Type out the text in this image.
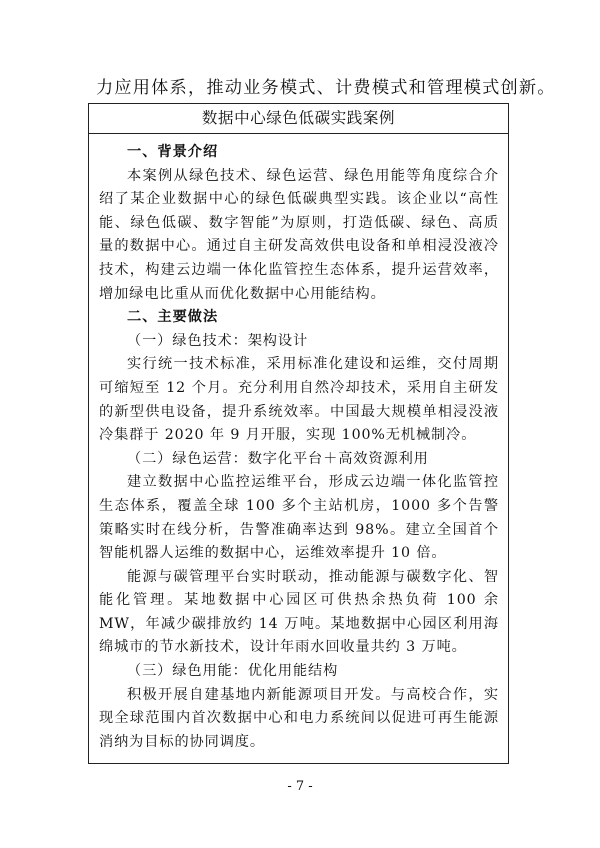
力应用体系，推动业务模式、计费模式和管理模式创新。
数据中心绿色低碳实践案例

一、背景介绍

本案例从绿色技术、绿色运营、绿色用能等角度综合介绍了某企业数据中心的绿色低碳典型实践。该企业以“高性能、绿色低碳、数字智能”为原则，打造低碳、绿色、高质量的数据中心。通过自主研发高效供电设备和单相浸没液冷技术，构建云边端一体化监管控生态体系，提升运营效率，增加绿电比重从而优化数据中心用能结构。

二、主要做法

（一）绿色技术：架构设计

实行统一技术标准，采用标准化建设和运维，交付周期可缩短至 12 个月。充分利用自然冷却技术，采用自主研发的新型供电设备，提升系统效率。中国最大规模单相浸没液冷集群于 2020 年 9 月开服，实现 100%无机械制冷。

（二）绿色运营：数字化平台＋高效资源利用

建立数据中心监控运维平台，形成云边端一体化监管控生态体系，覆盖全球 100 多个主站机房，1000 多个告警策略实时在线分析，告警准确率达到 98%。建立全国首个智能机器人运维的数据中心，运维效率提升 10 倍。

能源与碳管理平台实时联动，推动能源与碳数字化、智能化管理。某地数据中心园区可供热余热负荷 100 余 MW，年减少碳排放约 14 万吨。某地数据中心园区利用海绵城市的节水新技术，设计年雨水回收量共约 3 万吨。

（三）绿色用能：优化用能结构

积极开展自建基地内新能源项目开发。与高校合作，实现全球范围内首次数据中心和电力系统间以促进可再生能源消纳为目标的协同调度。

- 7 -
